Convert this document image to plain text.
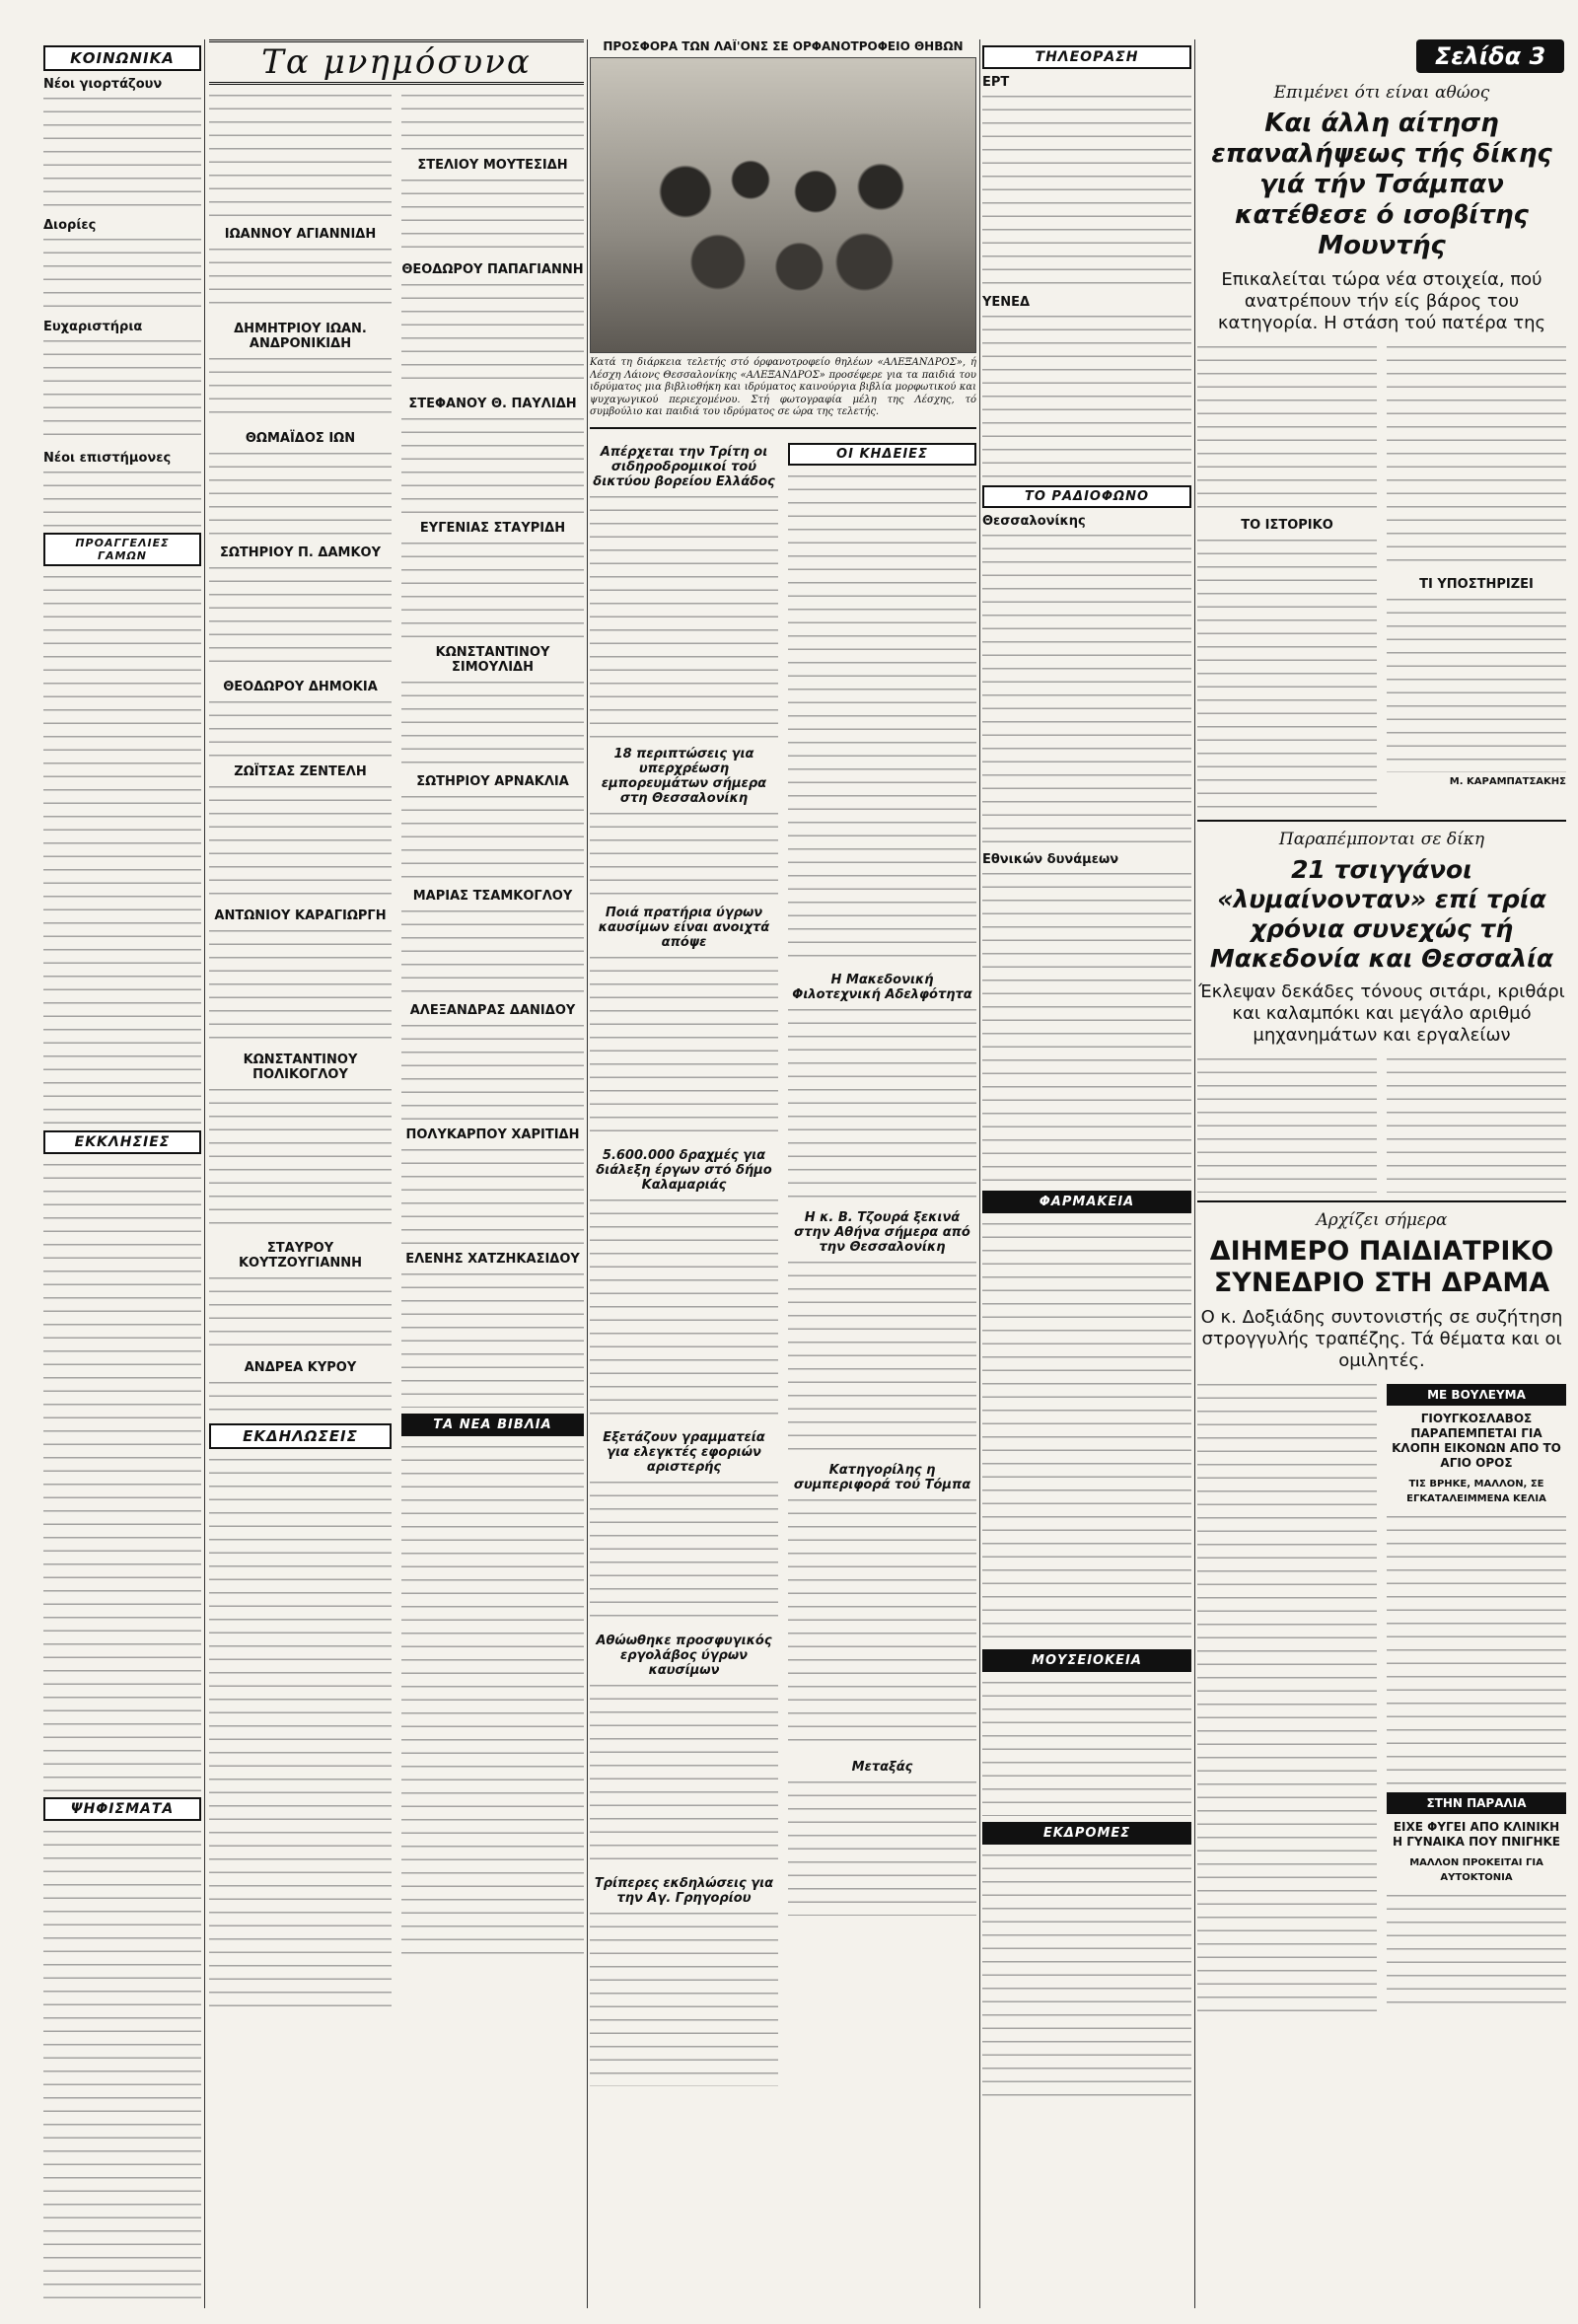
ΚΟΙΝΩΝΙΚΑ
Νέοι γιορτάζουν
Διορίες
Ευχαριστήρια
Νέοι επιστήμονες
ΠΡΟΑΓΓΕΛΙΕΣ ΓΑΜΩΝ
ΕΚΚΛΗΣΙΕΣ
ΨΗΦΙΣΜΑΤΑ
Τα μνημόσυνα
ΙΩΑΝΝΟΥ ΑΓΙΑΝΝΙΔΗ
ΔΗΜΗΤΡΙΟΥ ΙΩΑΝ. ΑΝΔΡΟΝΙΚΙΔΗ
ΘΩΜΑΪΔΟΣ ΙΩΝ
ΣΩΤΗΡΙΟΥ Π. ΔΑΜΚΟΥ
ΘΕΟΔΩΡΟΥ ΔΗΜΟΚΙΑ
ΖΩΪΤΣΑΣ ΖΕΝΤΕΛΗ
ΑΝΤΩΝΙΟΥ ΚΑΡΑΓΙΩΡΓΗ
ΚΩΝΣΤΑΝΤΙΝΟΥ ΠΟΛΙΚΟΓΛΟΥ
ΣΤΑΥΡΟΥ ΚΟΥΤΖΟΥΓΙΑΝΝΗ
ΑΝΔΡΕΑ ΚΥΡΟΥ
ΕΚΔΗΛΩΣΕΙΣ
ΣΤΕΛΙΟΥ ΜΟΥΤΕΣΙΔΗ
ΘΕΟΔΩΡΟΥ ΠΑΠΑΓΙΑΝΝΗ
ΣΤΕΦΑΝΟΥ Θ. ΠΑΥΛΙΔΗ
ΕΥΓΕΝΙΑΣ ΣΤΑΥΡΙΔΗ
ΚΩΝΣΤΑΝΤΙΝΟΥ ΣΙΜΟΥΛΙΔΗ
ΣΩΤΗΡΙΟΥ ΑΡΝΑΚΛΙΑ
ΜΑΡΙΑΣ ΤΣΑΜΚΟΓΛΟΥ
ΑΛΕΞΑΝΔΡΑΣ ΔΑΝΙΔΟΥ
ΠΟΛΥΚΑΡΠΟΥ ΧΑΡΙΤΙΔΗ
ΕΛΕΝΗΣ ΧΑΤΖΗΚΑΣΙΔΟΥ
ΤΑ ΝΕΑ ΒΙΒΛΙΑ
ΠΡΟΣΦΟΡΑ ΤΩΝ ΛΑΪ'ΟΝΣ ΣΕ ΟΡΦΑΝΟΤΡΟΦΕΙΟ ΘΗΒΩΝ
Κατά τη διάρκεια τελετής στό όρφανοτροφείο θηλέων «ΑΛΕΞΑΝΔΡΟΣ», ή Λέσχη Λάιονς Θεσσαλονίκης «ΑΛΕΞΑΝΔΡΟΣ» προσέφερε για τα παιδιά του ιδρύματος μια βιβλιοθήκη και ιδρύματος καινούργια βιβλία μορφωτικού και ψυχαγωγικού περιεχομένου. Στή φωτογραφία μέλη της Λέσχης, τό συμβούλιο και παιδιά του ιδρύματος σε ώρα της τελετής.
Απέρχεται την Τρίτη οι σιδηροδρομικοί τού δικτύου βορείου Ελλάδος
18 περιπτώσεις για υπερχρέωση εμπορευμάτων σήμερα στη Θεσσαλονίκη
Ποιά πρατήρια ύγρων καυσίμων είναι ανοιχτά απόψε
5.600.000 δραχμές για διάλεξη έργων στό δήμο Καλαμαριάς
Εξετάζουν γραμματεία για ελεγκτές εφοριών αριστερής
Αθώωθηκε προσφυγικός εργολάβος ύγρων καυσίμων
Τρίπερες εκδηλώσεις για την Αγ. Γρηγορίου
ΟΙ ΚΗΔΕΙΕΣ
Η Μακεδονική Φιλοτεχνική Αδελφότητα
Η κ. Β. Τζουρά ξεκινά στην Αθήνα σήμερα από την Θεσσαλονίκη
Κατηγορίλης η συμπεριφορά τού Τόμπα
Μεταξάς
ΤΗΛΕΟΡΑΣΗ
ΕΡΤ
ΥΕΝΕΔ
ΤΟ ΡΑΔΙΟΦΩΝΟ
Θεσσαλονίκης
Εθνικών δυνάμεων
ΦΑΡΜΑΚΕΙΑ
ΜΟΥΣΕΙΟΚΕΙΑ
ΕΚΔΡΟΜΕΣ
Σελίδα 3
Επιμένει ότι είναι αθώος
Και άλλη αίτηση επαναλήψεως τής δίκης γιά τήν Τσάμπαν κατέθεσε ό ισοβίτης Μουντής
Επικαλείται τώρα νέα στοιχεία, πού ανατρέπουν τήν είς βάρος του κατηγορία. Η στάση τού πατέρα της
ΤΟ ΙΣΤΟΡΙΚΟ
ΤΙ ΥΠΟΣΤΗΡΙΖΕΙ
Μ. ΚΑΡΑΜΠΑΤΣΑΚΗΣ
Παραπέμπονται σε δίκη
21 τσιγγάνοι «λυμαίνονταν» επί τρία χρόνια συνεχώς τή Μακεδονία και Θεσσαλία
Έκλεψαν δεκάδες τόνους σιτάρι, κριθάρι και καλαμπόκι και μεγάλο αριθμό μηχανημάτων και εργαλείων
Αρχίζει σήμερα
ΔΙΗΜΕΡΟ ΠΑΙΔΙΑΤΡΙΚΟ ΣΥΝΕΔΡΙΟ ΣΤΗ ΔΡΑΜΑ
Ο κ. Δοξιάδης συντονιστής σε συζήτηση στρογγυλής τραπέζης. Τά θέματα και οι ομιλητές.
ΜΕ ΒΟΥΛΕΥΜΑ
ΓΙΟΥΓΚΟΣΛΑΒΟΣ ΠΑΡΑΠΕΜΠΕΤΑΙ ΓΙΑ ΚΛΟΠΗ ΕΙΚΟΝΩΝ ΑΠΟ ΤΟ ΑΓΙΟ ΟΡΟΣ
ΤΙΣ ΒΡΗΚΕ, ΜΑΛΛΟΝ, ΣΕ ΕΓΚΑΤΑΛΕΙΜΜΕΝΑ ΚΕΛΙΑ
ΣΤΗΝ ΠΑΡΑΛΙΑ
ΕΙΧΕ ΦΥΓΕΙ ΑΠΟ ΚΛΙΝΙΚΗ Η ΓΥΝΑΙΚΑ ΠΟΥ ΠΝΙΓΗΚΕ
ΜΑΛΛΟΝ ΠΡΟΚΕΙΤΑΙ ΓΙΑ ΑΥΤΟΚΤΟΝΙΑ
